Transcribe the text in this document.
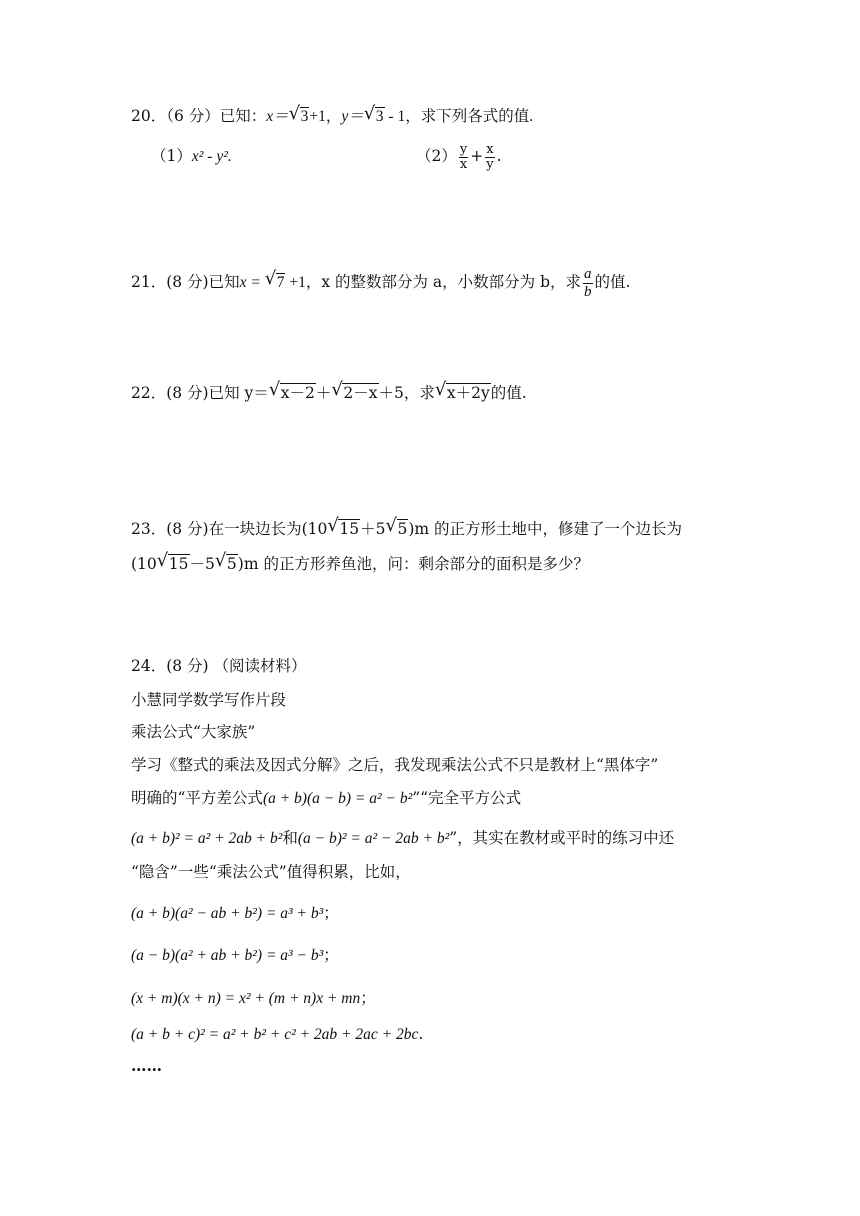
20．（6 分）已知：x＝ √ 3+1，y＝ √ 3 - 1，求下列各式的值.
（1）x² - y².	$(2) \frac{y}{x} + \frac{x}{y}$ .
21．(8 分)已知x = √ 7 +1，x 的整数部分为 a，小数部分为 b，求 $\frac{a}{b}$ 的值.
22．(8 分)已知 y＝ √ x－2＋ √ 2－x＋5，求 √ x＋2y的值.
23．(8 分)在一块边长为(10 √ 15＋5 √ 5)m 的正方形土地中，修建了一个边长为
(10 √ 15－5 √ 5)m 的正方形养鱼池，问：剩余部分的面积是多少？
24．(8 分) （阅读材料）
小慧同学数学写作片段
乘法公式“大家族”
学习《整式的乘法及因式分解》之后，我发现乘法公式不只是教材上“黑体字”
明确的“平方差公式(a + b)(a − b) = a² − b²”“完全平方公式
(a + b)² = a² + 2ab + b²和(a − b)² = a² − 2ab + b²”，其实在教材或平时的练习中还
“隐含”一些“乘法公式”值得积累，比如，
(a + b)(a² − ab + b²) = a³ + b³；
(a − b)(a² + ab + b²) = a³ − b³；
(x + m)(x + n) = x² + (m + n)x + mn；
(a + b + c)² = a² + b² + c² + 2ab + 2ac + 2bc.
……
